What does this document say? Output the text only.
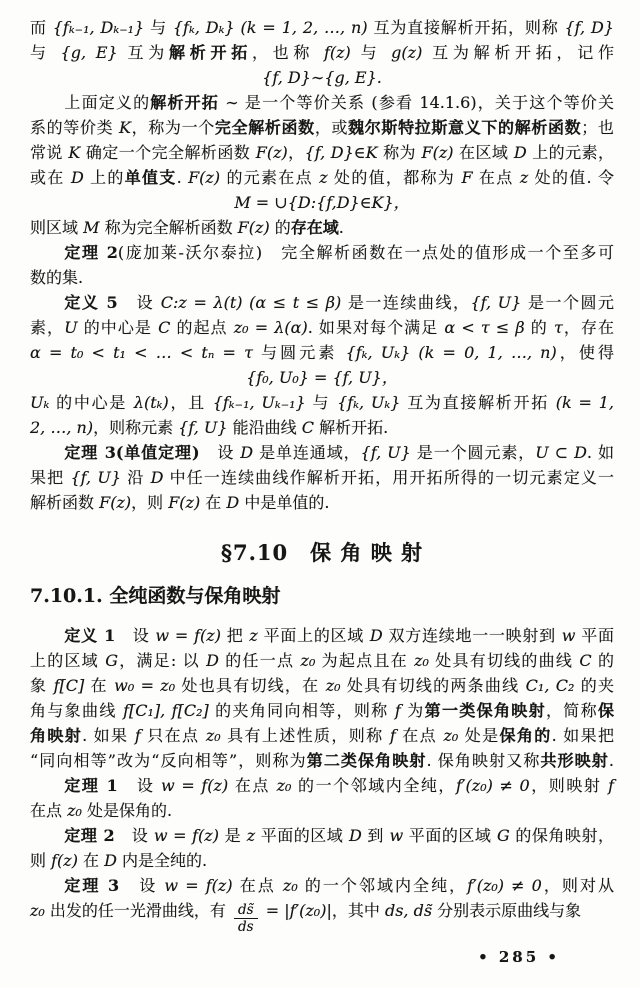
而 {fₖ₋₁, Dₖ₋₁} 与 {fₖ, Dₖ} (k = 1, 2, …, n) 互为直接解析开拓，则称 {f, D}
与 {g, E} 互为解析开拓，也称 f(z) 与 g(z) 互为解析开拓，记作
{f, D}∼{g, E}.
上面定义的解析开拓 ∼ 是一个等价关系 (参看 14.1.6)，关于这个等价关
系的等价类 K，称为一个完全解析函数，或魏尔斯特拉斯意义下的解析函数；也
常说 K 确定一个完全解析函数 F(z)，{f, D}∈K 称为 F(z) 在区域 D 上的元素，
或在 D 上的单值支. F(z) 的元素在点 z 处的值，都称为 F 在点 z 处的值. 令
M = ∪{D:{f,D}∈K}，
则区域 M 称为完全解析函数 F(z) 的存在域.
定理 2(庞加莱-沃尔泰拉)　完全解析函数在一点处的值形成一个至多可
数的集.
定义 5　设 C:z = λ(t) (α ≤ t ≤ β) 是一连续曲线，{f, U} 是一个圆元
素，U 的中心是 C 的起点 z₀ = λ(α). 如果对每个满足 α < τ ≤ β 的 τ，存在
α = t₀ < t₁ < … < tₙ = τ 与圆元素 {fₖ, Uₖ} (k = 0, 1, …, n)，使得
{f₀, U₀} = {f, U}，
Uₖ 的中心是 λ(tₖ)，且 {fₖ₋₁, Uₖ₋₁} 与 {fₖ, Uₖ} 互为直接解析开拓 (k = 1,
2, …, n)，则称元素 {f, U} 能沿曲线 C 解析开拓.
定理 3(单值定理)　设 D 是单连通域，{f, U} 是一个圆元素，U ⊂ D. 如
果把 {f, U} 沿 D 中任一连续曲线作解析开拓，用开拓所得的一切元素定义一
解析函数 F(z)，则 F(z) 在 D 中是单值的.
§7.10　保 角 映 射
7.10.1. 全纯函数与保角映射
定义 1　设 w = f(z) 把 z 平面上的区域 D 双方连续地一一映射到 w 平面
上的区域 G，满足: 以 D 的任一点 z₀ 为起点且在 z₀ 处具有切线的曲线 C 的
象 f[C] 在 w₀ = z₀ 处也具有切线，在 z₀ 处具有切线的两条曲线 C₁, C₂ 的夹
角与象曲线 f[C₁], f[C₂] 的夹角同向相等，则称 f 为第一类保角映射，简称保
角映射. 如果 f 只在点 z₀ 具有上述性质，则称 f 在点 z₀ 处是保角的. 如果把
“同向相等”改为“反向相等”，则称为第二类保角映射. 保角映射又称共形映射.
定理 1　设 w = f(z) 在点 z₀ 的一个邻域内全纯，f′(z₀) ≠ 0，则映射 f
在点 z₀ 处是保角的.
定理 2　设 w = f(z) 是 z 平面的区域 D 到 w 平面的区域 G 的保角映射，
则 f(z) 在 D 内是全纯的.
定理 3　设 w = f(z) 在点 z₀ 的一个邻域内全纯，f′(z₀) ≠ 0，则对从
z₀ 出发的任一光滑曲线，有 $\frac{ds̃}{ds} = |f'(z_0)|$，其中 ds, ds̃ 分别表示原曲线与象
• 285 •
